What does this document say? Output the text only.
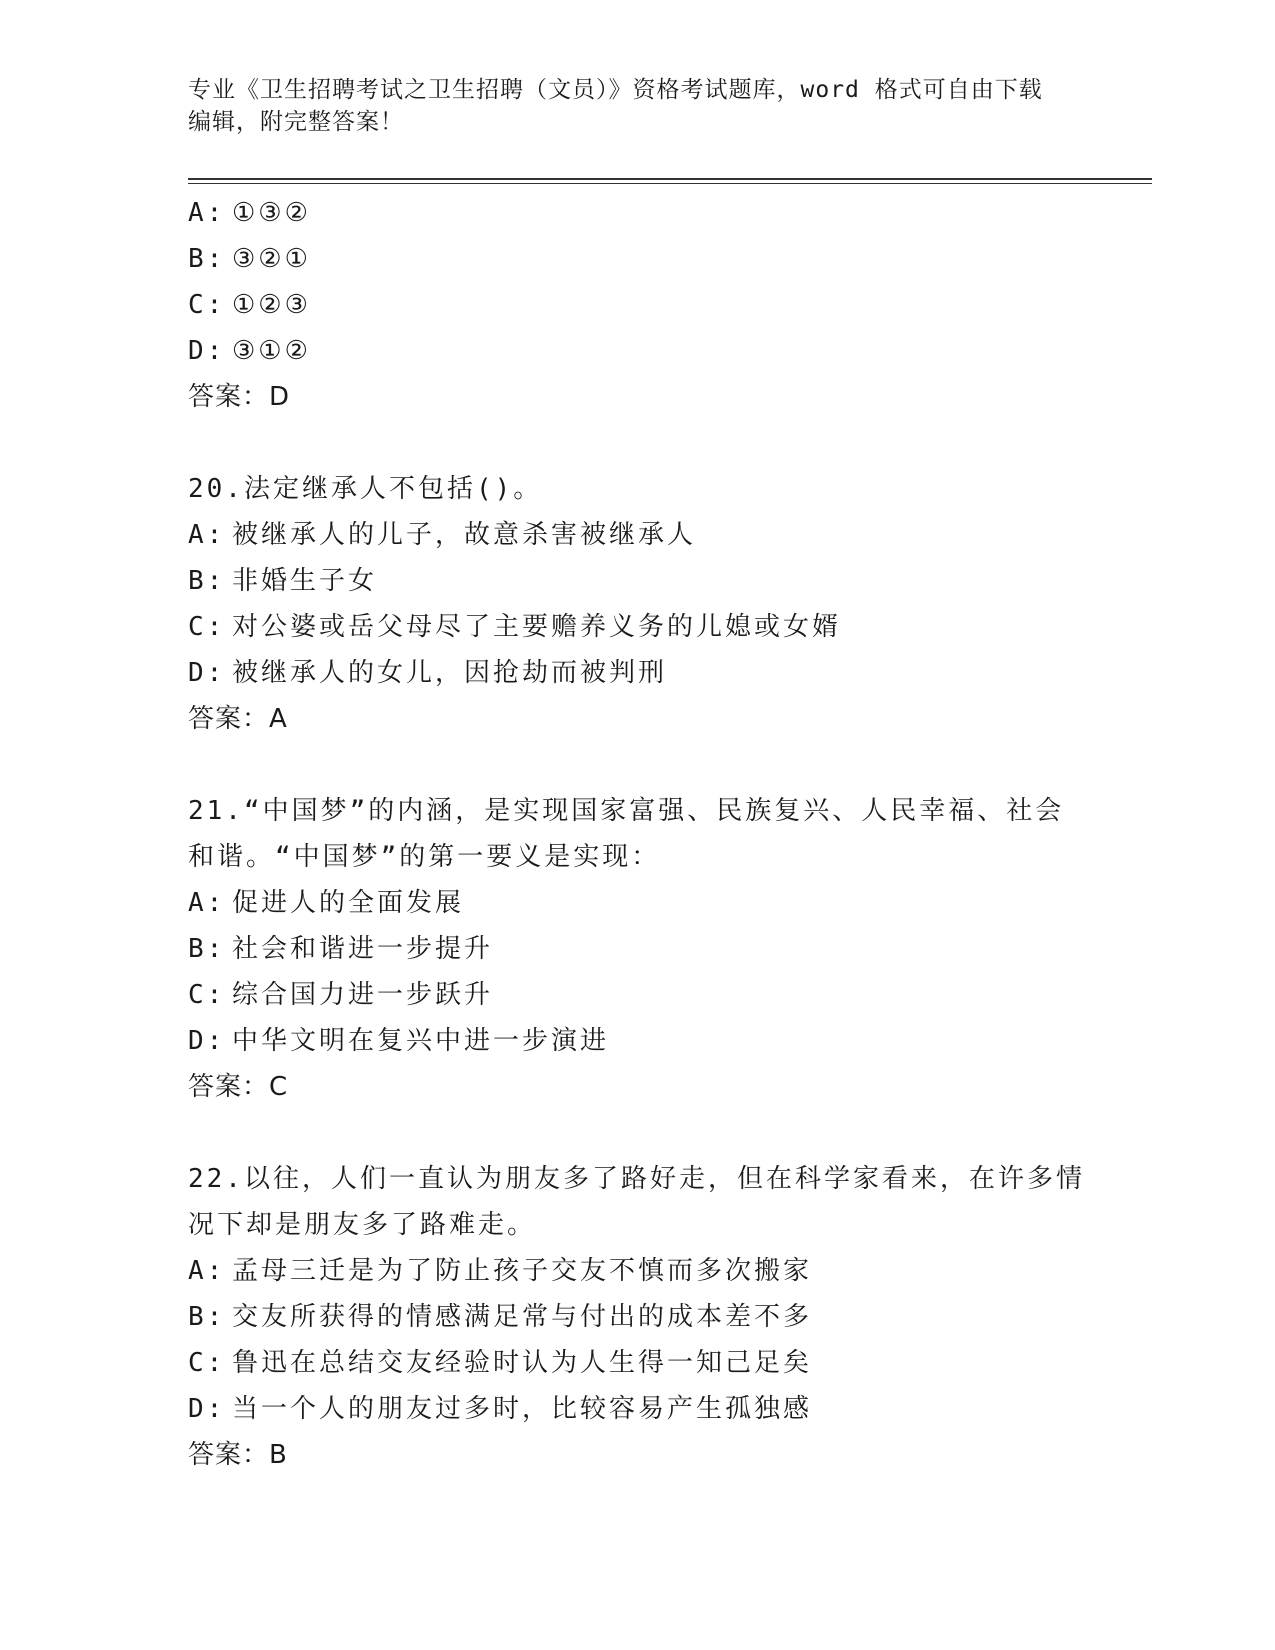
专业《卫生招聘考试之卫生招聘（文员）》资格考试题库，word 格式可自由下载
编辑，附完整答案！
A: ①③②
B: ③②①
C: ①②③
D: ③①②
答案：D
20.法定继承人不包括()。
A: 被继承人的儿子，故意杀害被继承人
B: 非婚生子女
C: 对公婆或岳父母尽了主要赡养义务的儿媳或女婿
D: 被继承人的女儿，因抢劫而被判刑
答案：A
21.“中国梦”的内涵，是实现国家富强、民族复兴、人民幸福、社会
和谐。“中国梦”的第一要义是实现：
A: 促进人的全面发展
B: 社会和谐进一步提升
C: 综合国力进一步跃升
D: 中华文明在复兴中进一步演进
答案：C
22.以往，人们一直认为朋友多了路好走，但在科学家看来，在许多情
况下却是朋友多了路难走。
A: 孟母三迁是为了防止孩子交友不慎而多次搬家
B: 交友所获得的情感满足常与付出的成本差不多
C: 鲁迅在总结交友经验时认为人生得一知己足矣
D: 当一个人的朋友过多时，比较容易产生孤独感
答案：B
